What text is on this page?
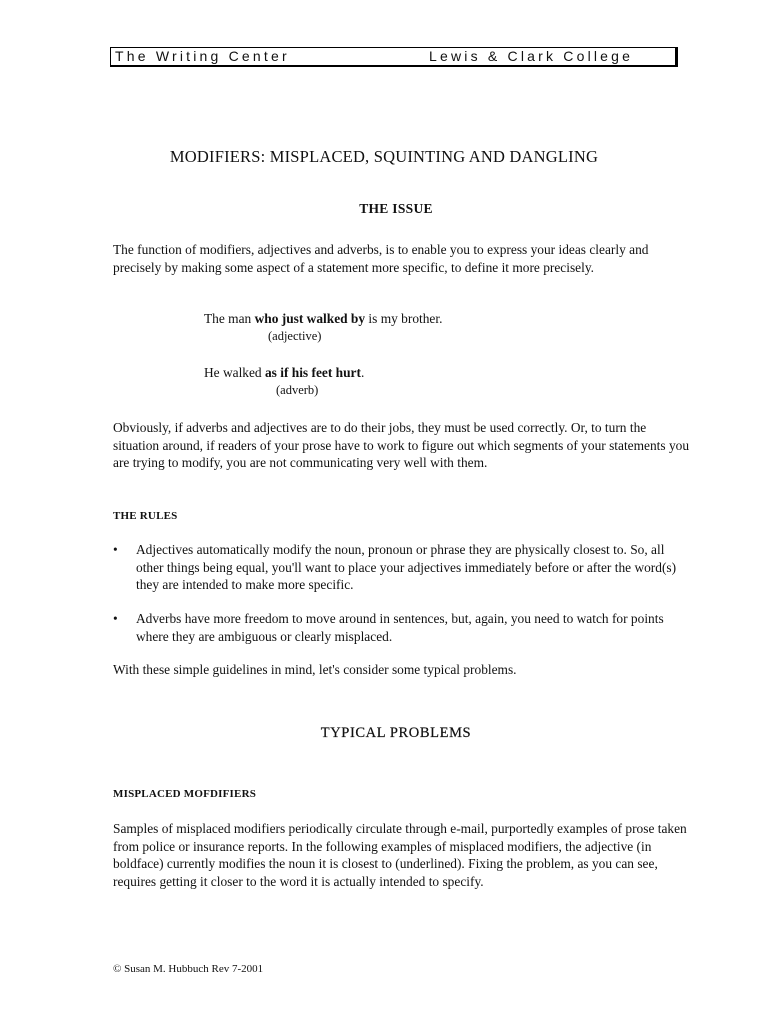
The Writing Center	Lewis & Clark College
MODIFIERS: MISPLACED, SQUINTING AND DANGLING
THE ISSUE
The function of modifiers, adjectives and adverbs, is to enable you to express your ideas clearly and precisely by making some aspect of a statement more specific, to define it more precisely.
The man who just walked by is my brother.
(adjective)
He walked as if his feet hurt.
(adverb)
Obviously, if adverbs and adjectives are to do their jobs, they must be used correctly. Or, to turn the situation around, if readers of your prose have to work to figure out which segments of your statements you are trying to modify, you are not communicating very well with them.
THE RULES
• Adjectives automatically modify the noun, pronoun or phrase they are physically closest to. So, all other things being equal, you'll want to place your adjectives immediately before or after the word(s) they are intended to make more specific.
• Adverbs have more freedom to move around in sentences, but, again, you need to watch for points where they are ambiguous or clearly misplaced.
With these simple guidelines in mind, let's consider some typical problems.
TYPICAL PROBLEMS
MISPLACED MOFDIFIERS
Samples of misplaced modifiers periodically circulate through e-mail, purportedly examples of prose taken from police or insurance reports. In the following examples of misplaced modifiers, the adjective (in boldface) currently modifies the noun it is closest to (underlined). Fixing the problem, as you can see, requires getting it closer to the word it is actually intended to specify.
© Susan M. Hubbuch Rev 7-2001
